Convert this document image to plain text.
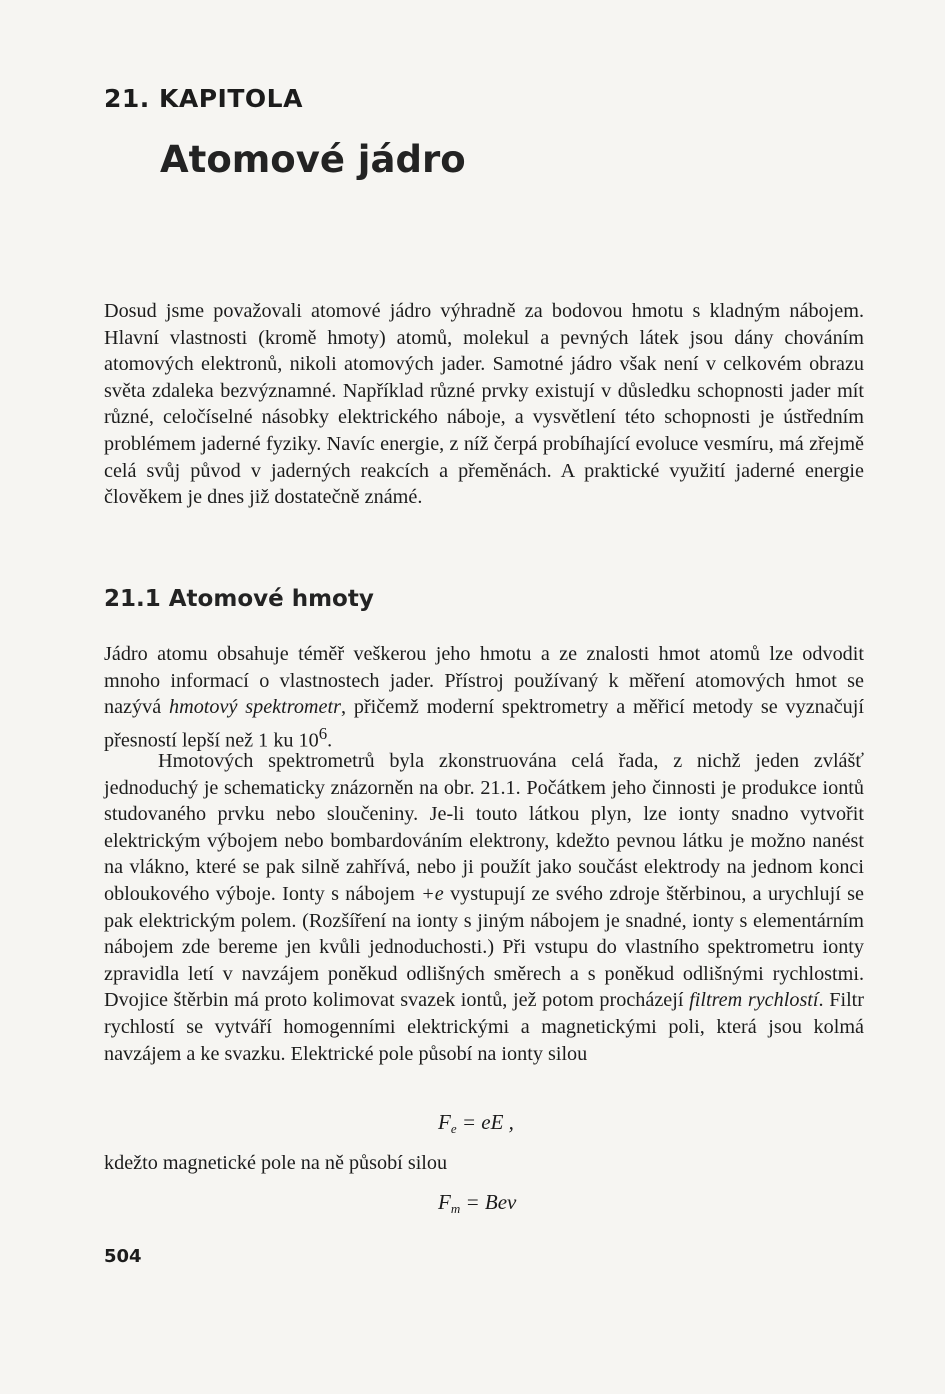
21. KAPITOLA
Atomové jádro

Dosud jsme považovali atomové jádro výhradně za bodovou hmotu s kladným nábojem. Hlavní vlastnosti (kromě hmoty) atomů, molekul a pevných látek jsou dány chováním atomových elektronů, nikoli atomových jader. Samotné jádro však není v celkovém obrazu světa zdaleka bezvýznamné. Například různé prvky existují v důsledku schopnosti jader mít různé, celočíselné násobky elektrického náboje, a vysvětlení této schopnosti je ústředním problémem jaderné fyziky. Navíc energie, z níž čerpá probíhající evoluce vesmíru, má zřejmě celá svůj původ v jaderných reakcích a přeměnách. A praktické využití jaderné energie člověkem je dnes již dostatečně známé.

21.1 Atomové hmoty

Jádro atomu obsahuje téměř veškerou jeho hmotu a ze znalosti hmot atomů lze odvodit mnoho informací o vlastnostech jader. Přístroj používaný k měření atomových hmot se nazývá hmotový spektrometr, přičemž moderní spektrometry a měřicí metody se vyznačují přesností lepší než 1 ku $10^6$.

Hmotových spektrometrů byla zkonstruována celá řada, z nichž jeden zvlášť jednoduchý je schematicky znázorněn na obr. 21.1. Počátkem jeho činnosti je produkce iontů studovaného prvku nebo sloučeniny. Je-li touto látkou plyn, lze ionty snadno vytvořit elektrickým výbojem nebo bombardováním elektrony, kdežto pevnou látku je možno nanést na vlákno, které se pak silně zahřívá, nebo ji použít jako součást elektrody na jednom konci obloukového výboje. Ionty s nábojem +e vystupují ze svého zdroje štěrbinou, a urychlují se pak elektrickým polem. (Rozšíření na ionty s jiným nábojem je snadné, ionty s elementárním nábojem zde bereme jen kvůli jednoduchosti.) Při vstupu do vlastního spektrometru ionty zpravidla letí v navzájem poněkud odlišných směrech a s poněkud odlišnými rychlostmi. Dvojice štěrbin má proto kolimovat svazek iontů, jež potom procházejí filtrem rychlostí. Filtr rychlostí se vytváří homogenními elektrickými a magnetickými poli, která jsou kolmá navzájem a ke svazku. Elektrické pole působí na ionty silou

$F_e$ = eE ,

kdežto magnetické pole na ně působí silou

$F_m$ = Bev

504
